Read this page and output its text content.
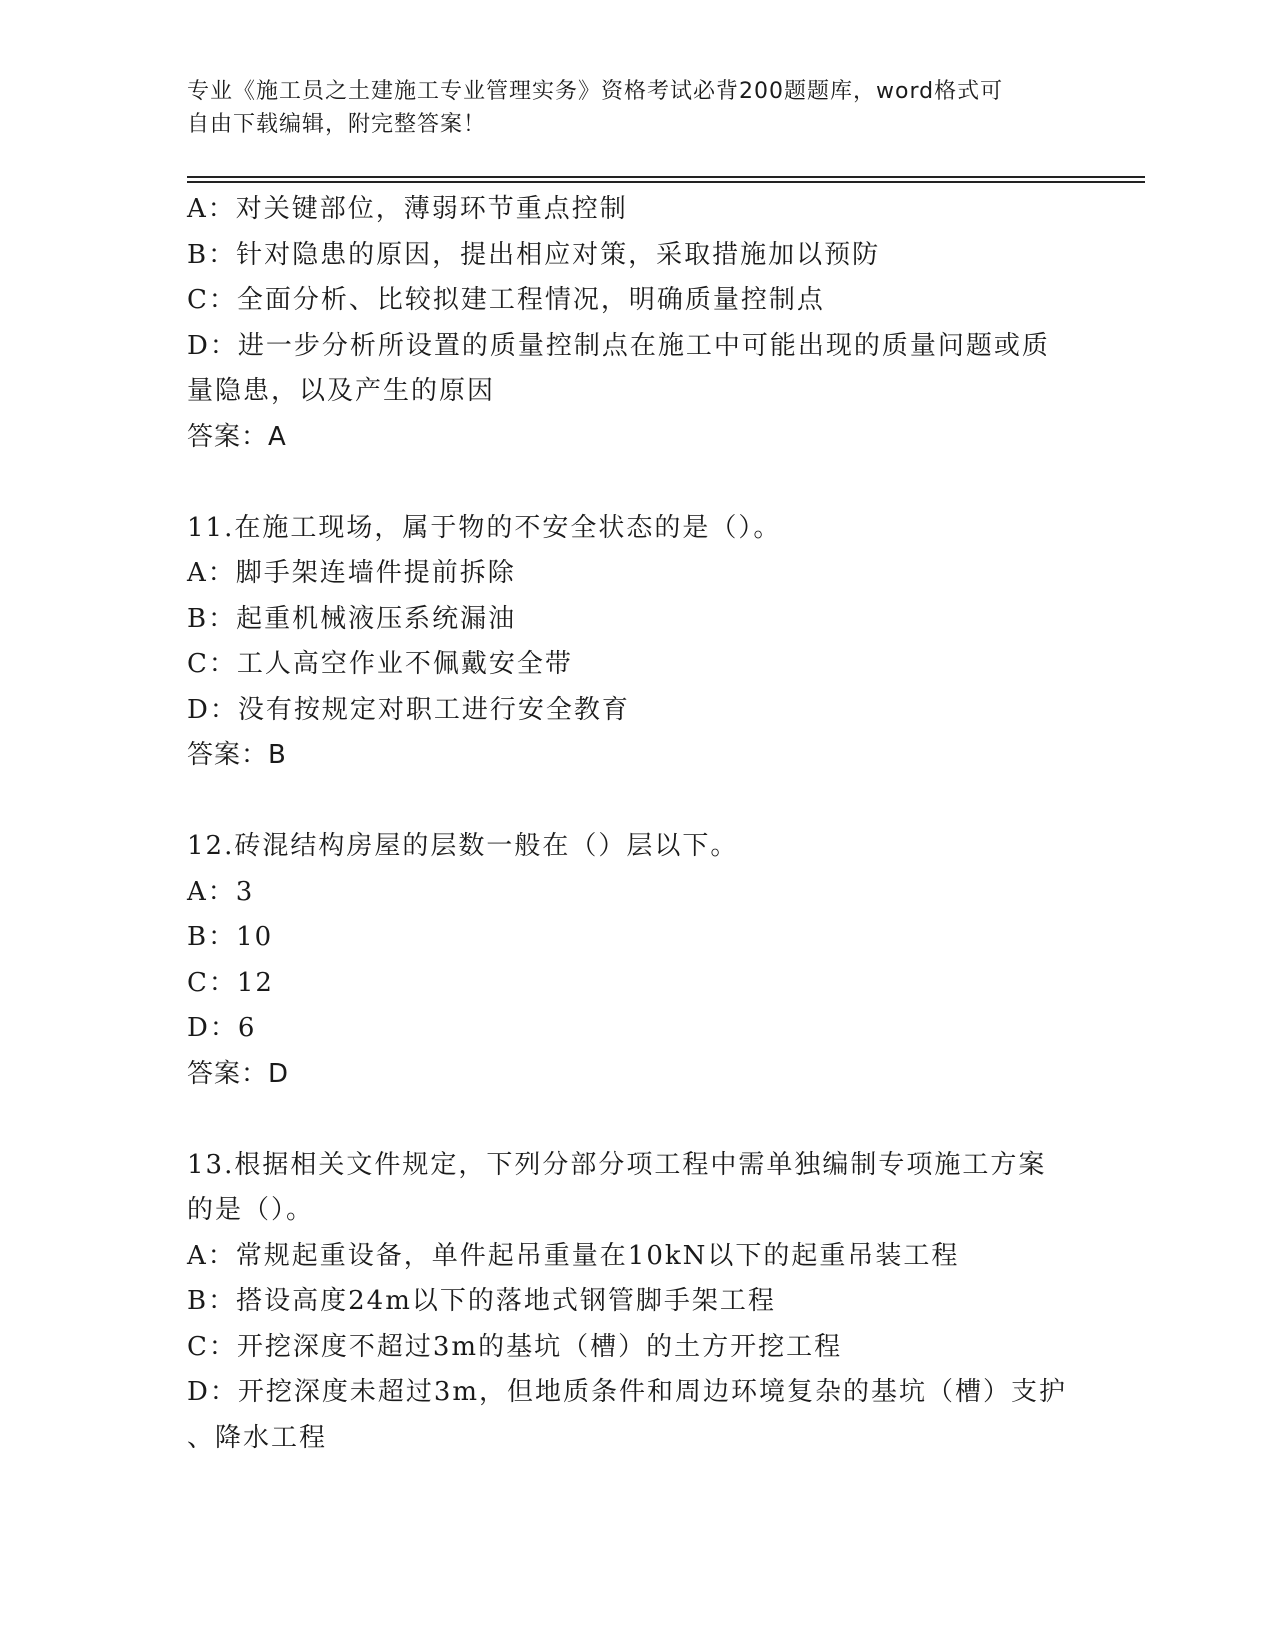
专业《施工员之土建施工专业管理实务》资格考试必背200题题库，word格式可
自由下载编辑，附完整答案！
A：对关键部位，薄弱环节重点控制
B：针对隐患的原因，提出相应对策，采取措施加以预防
C：全面分析、比较拟建工程情况，明确质量控制点
D：进一步分析所设置的质量控制点在施工中可能出现的质量问题或质
量隐患，以及产生的原因
答案：A
11.在施工现场，属于物的不安全状态的是（）。
A：脚手架连墙件提前拆除
B：起重机械液压系统漏油
C：工人高空作业不佩戴安全带
D：没有按规定对职工进行安全教育
答案：B
12.砖混结构房屋的层数一般在（）层以下。
A：3
B：10
C：12
D：6
答案：D
13.根据相关文件规定，下列分部分项工程中需单独编制专项施工方案
的是（）。
A：常规起重设备，单件起吊重量在10kN以下的起重吊装工程
B：搭设高度24m以下的落地式钢管脚手架工程
C：开挖深度不超过3m的基坑（槽）的土方开挖工程
D：开挖深度未超过3m，但地质条件和周边环境复杂的基坑（槽）支护
、降水工程
